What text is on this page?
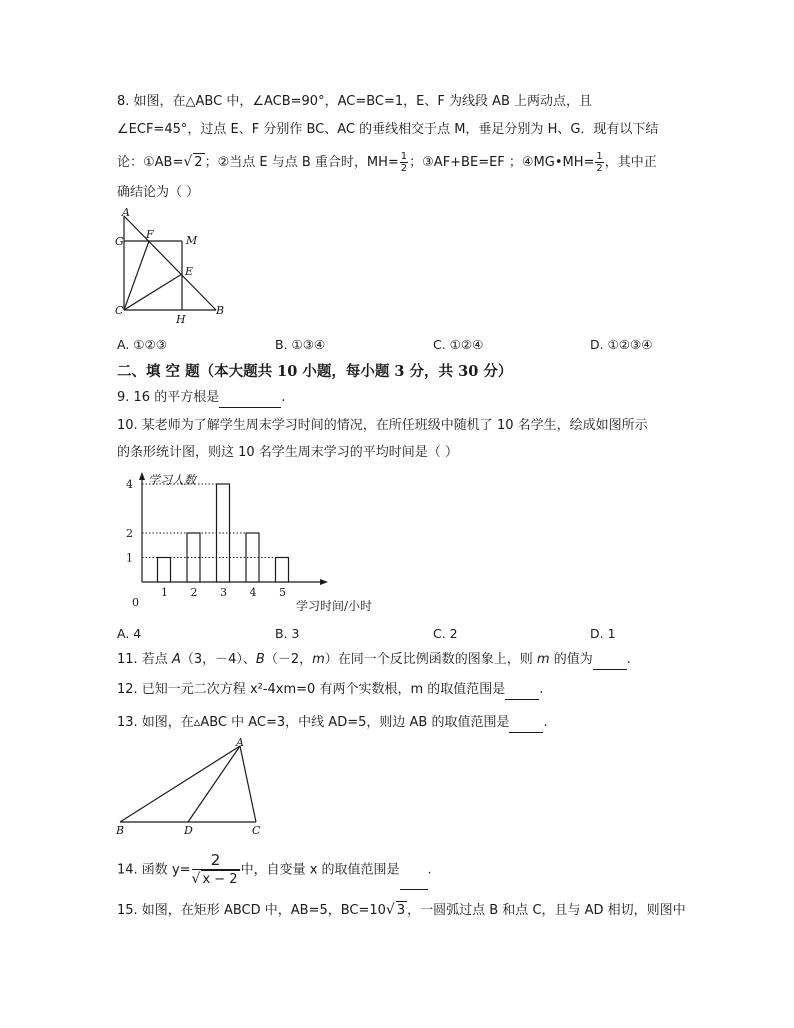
8. 如图，在△ABC 中，∠ACB=90°，AC=BC=1，E、F 为线段 AB 上两动点，且
∠ECF=45°，过点 E、F 分别作 BC、AC 的垂线相交于点 M，垂足分别为 H、G．现有以下结
论：①AB=√ 2 ；②当点 E 与点 B 重合时，$MH= \frac{1}{2}$ ；③AF+BE=EF ；④MG•MH= $\frac{1}{2}$ ，其中正
确结论为（ ）
A
G
F	M
E
C
H
B
A. ①②③	B. ①③④	C. ①②④	D. ①②③④
二、填 空 题（本大题共 10 小题，每小题 3 分，共 30 分）
9. 16 的平方根是	.
10. 某老师为了解学生周末学习时间的情况，在所任班级中随机了 10 名学生，绘成如图所示
的条形统计图，则这 10 名学生周末学习的平均时间是（ ）
学习人数
学习时间/小时
0
1
2
4
1 2 3 4 5
A. 4	B. 3	C. 2	D. 1
11. 若点 A（3，－4）、B（－2，m）在同一个反比例函数的图象上，则 m 的值为	.
12. 已知一元二次方程 x²-4xm=0 有两个实数根，m 的取值范围是	.
13. 如图，在▵ABC 中 AC=3，中线 AD=5，则边 AB 的取值范围是	.
A
B	D	C
14. 函数 $y= \frac{2}{√ x - 2}$ 中，自变量 x 的取值范围是 .
15. 如图，在矩形 ABCD 中，AB=5，BC=10√ 3 ，一圆弧过点 B 和点 C，且与 AD 相切，则图中
